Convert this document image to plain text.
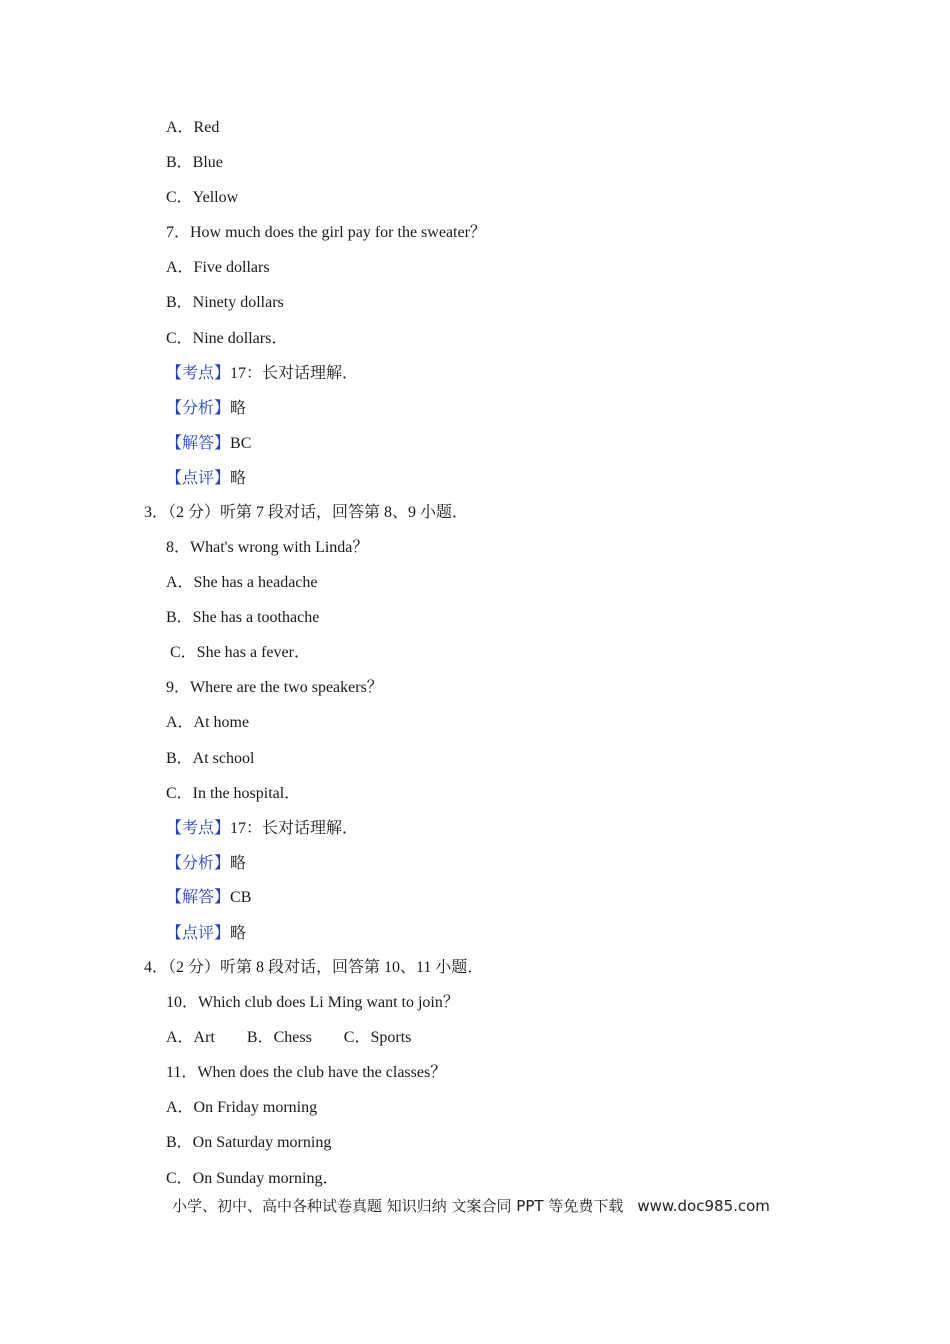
A．Red
B．Blue
C．Yellow
7．How much does the girl pay for the sweater？
A．Five dollars
B．Ninety dollars
C．Nine dollars．
【考点】17：长对话理解．
【分析】略
【解答】BC
【点评】略
3．（2 分）听第 7 段对话，回答第 8、9 小题．
8．What's wrong with Linda？
A．She has a headache
B．She has a toothache
C．She has a fever．
9．Where are the two speakers？
A．At home
B．At school
C．In the hospital．
【考点】17：长对话理解．
【分析】略
【解答】CB
【点评】略
4．（2 分）听第 8 段对话，回答第 10、11 小题．
10．Which club does Li Ming want to join？
A．Art B．Chess C．Sports
11．When does the club have the classes？
A．On Friday morning
B．On Saturday morning
C．On Sunday morning．
小学、初中、高中各种试卷真题 知识归纳 文案合同 PPT 等免费下载 www.doc985.com
